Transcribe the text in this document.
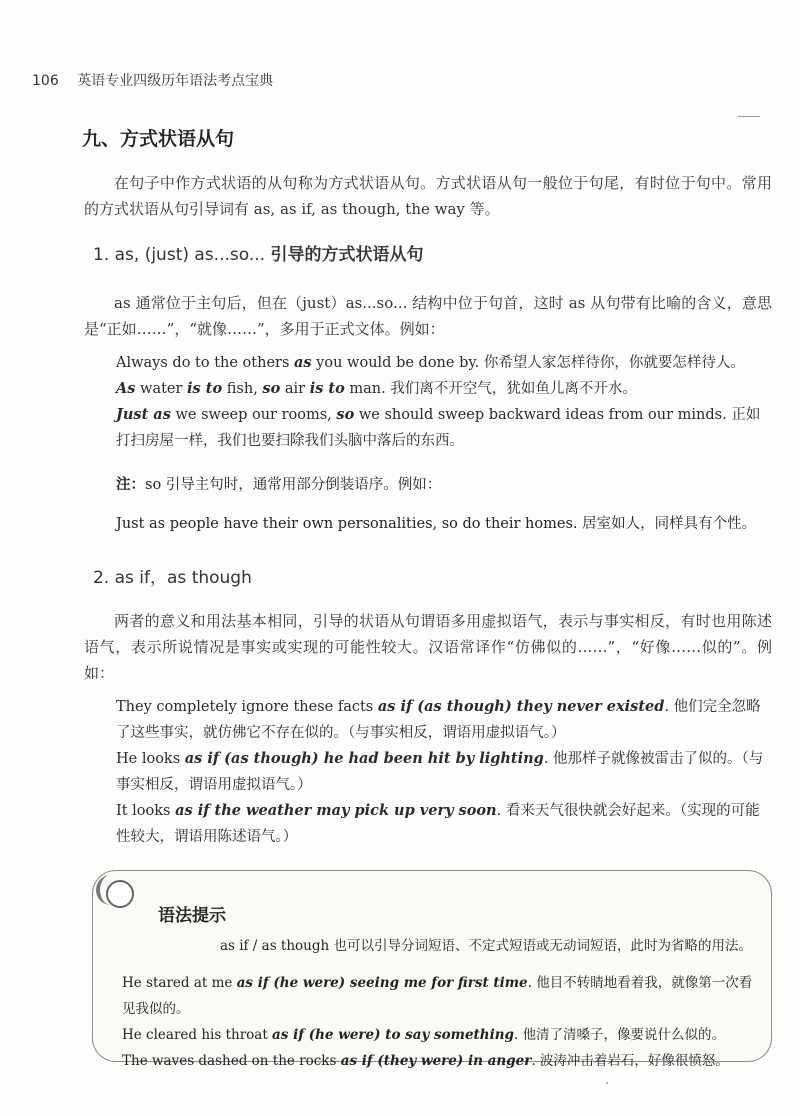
106 英语专业四级历年语法考点宝典
九、方式状语从句
在句子中作方式状语的从句称为方式状语从句。方式状语从句一般位于句尾，有时位于句中。常用的方式状语从句引导词有 as, as if, as though, the way 等。
1. as, (just) as...so... 引导的方式状语从句
as 通常位于主句后，但在（just）as...so... 结构中位于句首，这时 as 从句带有比喻的含义，意思是“正如……”，“就像……”，多用于正式文体。例如：

Always do to the others as you would be done by. 你希望人家怎样待你，你就要怎样待人。

As water is to fish, so air is to man. 我们离不开空气，犹如鱼儿离不开水。

Just as we sweep our rooms, so we should sweep backward ideas from our minds. 正如打扫房屋一样，我们也要扫除我们头脑中落后的东西。

注：so 引导主句时，通常用部分倒装语序。例如：
Just as people have their own personalities, so do their homes. 居室如人，同样具有个性。
2. as if，as though
两者的意义和用法基本相同，引导的状语从句谓语多用虚拟语气，表示与事实相反，有时也用陈述语气，表示所说情况是事实或实现的可能性较大。汉语常译作“仿佛似的……”，“好像……似的”。例如：

They completely ignore these facts as if (as though) they never existed. 他们完全忽略了这些事实，就仿佛它不存在似的。（与事实相反，谓语用虚拟语气。）

He looks as if (as though) he had been hit by lighting. 他那样子就像被雷击了似的。（与事实相反，谓语用虚拟语气。）

It looks as if the weather may pick up very soon. 看来天气很快就会好起来。（实现的可能性较大，谓语用陈述语气。）

语法提示
as if / as though 也可以引导分词短语、不定式短语或无动词短语，此时为省略的用法。

He stared at me as if (he were) seeing me for first time. 他目不转睛地看着我，就像第一次看见我似的。

He cleared his throat as if (he were) to say something. 他清了清嗓子，像要说什么似的。

The waves dashed on the rocks as if (they were) in anger. 波涛冲击着岩石，好像很愤怒。
